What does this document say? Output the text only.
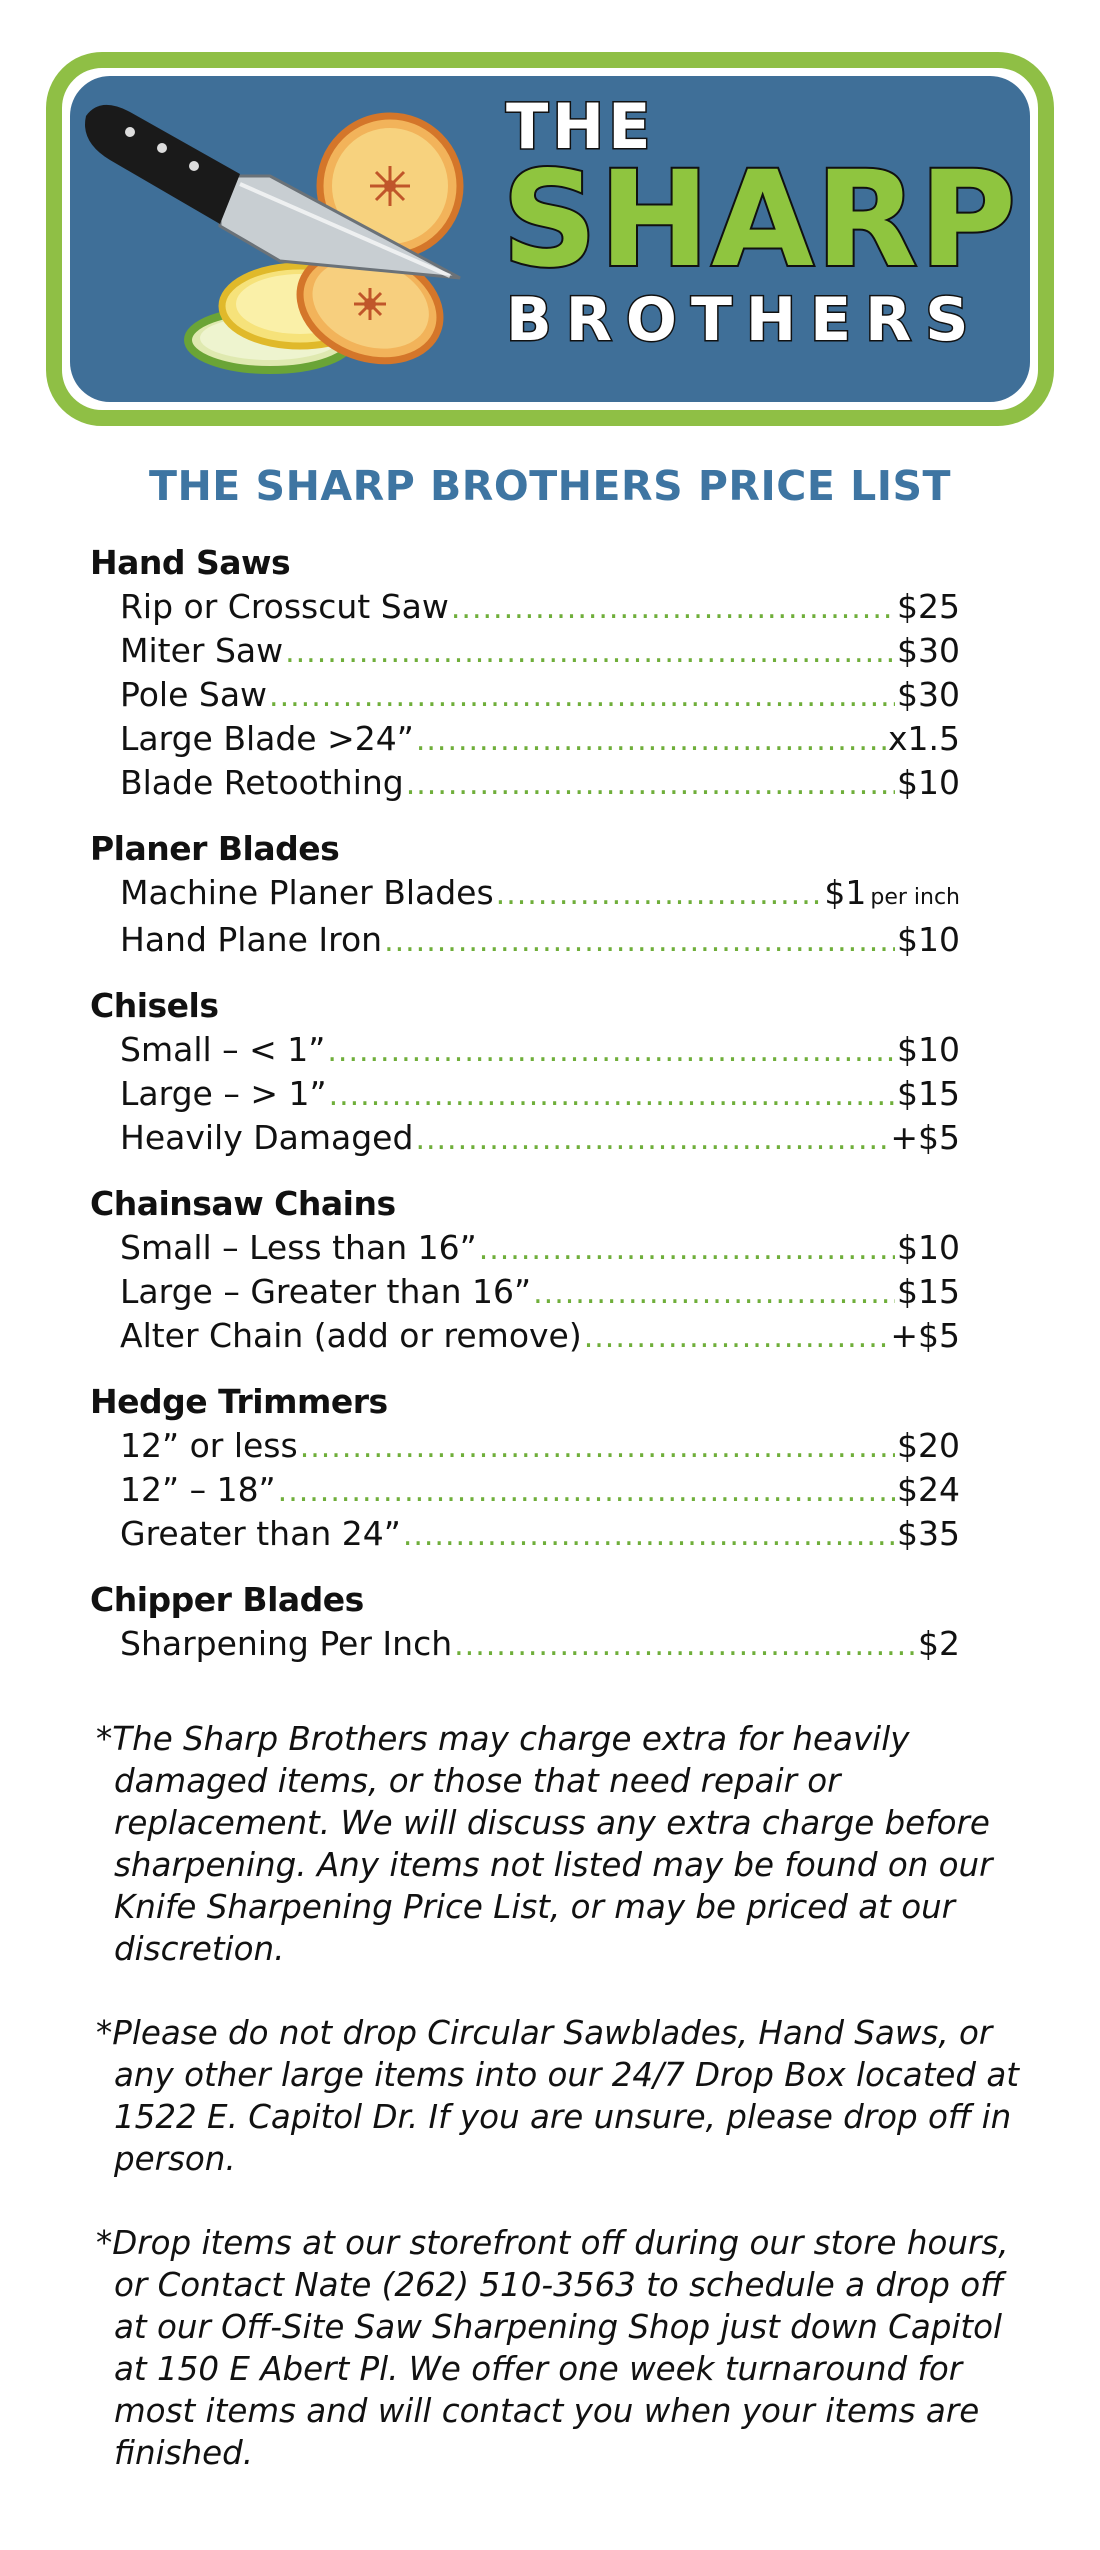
THE
SHARP
BROTHERS
THE SHARP BROTHERS PRICE LIST
Hand Saws
Rip or Crosscut Saw .....	$25
Miter Saw .....	$30
Pole Saw .....	$30
Large Blade >24” .....	x1.5
Blade Retoothing .....	$10
Planer Blades
Machine Planer Blades .....	$1 per inch
Hand Plane Iron .....	$10
Chisels
Small – < 1” .....	$10
Large – > 1” .....	$15
Heavily Damaged .....	+$5
Chainsaw Chains
Small – Less than 16” .....	$10
Large – Greater than 16” .....	$15
Alter Chain (add or remove) .....	+$5
Hedge Trimmers
12” or less .....	$20
12” – 18” .....	$24
Greater than 24” .....	$35
Chipper Blades
Sharpening Per Inch .....	$2
*The Sharp Brothers may charge extra for heavily damaged items, or those that need repair or replacement. We will discuss any extra charge before sharpening. Any items not listed may be found on our Knife Sharpening Price List, or may be priced at our discretion.
*Please do not drop Circular Sawblades, Hand Saws, or any other large items into our 24/7 Drop Box located at 1522 E. Capitol Dr. If you are unsure, please drop off in person.
*Drop items at our storefront off during our store hours, or Contact Nate (262) 510-3563 to schedule a drop off at our Off-Site Saw Sharpening Shop just down Capitol at 150 E Abert Pl. We offer one week turnaround for most items and will contact you when your items are finished.
